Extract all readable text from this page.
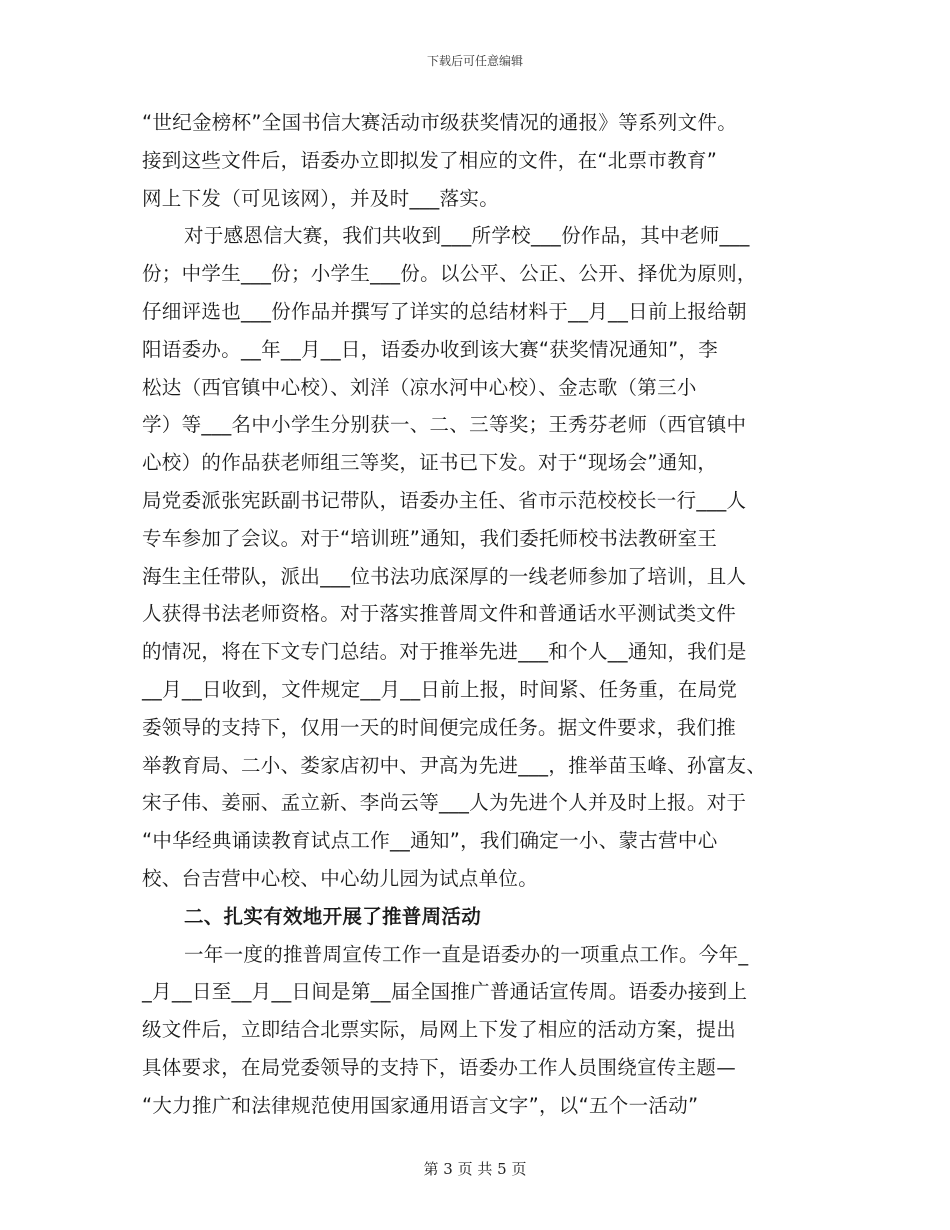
下载后可任意编辑
“世纪金榜杯”全国书信大赛活动市级获奖情况的通报》等系列文件。
接到这些文件后，语委办立即拟发了相应的文件，在“北票市教育”
网上下发（可见该网），并及时___落实。
对于感恩信大赛，我们共收到___所学校___份作品，其中老师___
份；中学生___份；小学生___份。以公平、公正、公开、择优为原则，
仔细评选也___份作品并撰写了详实的总结材料于__月__日前上报给朝
阳语委办。__年__月__日，语委办收到该大赛“获奖情况通知”，李
松达（西官镇中心校）、刘洋（凉水河中心校）、金志歌（第三小
学）等___名中小学生分别获一、二、三等奖；王秀芬老师（西官镇中
心校）的作品获老师组三等奖，证书已下发。对于“现场会”通知，
局党委派张宪跃副书记带队，语委办主任、省市示范校校长一行___人
专车参加了会议。对于“培训班”通知，我们委托师校书法教研室王
海生主任带队，派出___位书法功底深厚的一线老师参加了培训，且人
人获得书法老师资格。对于落实推普周文件和普通话水平测试类文件
的情况，将在下文专门总结。对于推举先进___和个人__通知，我们是
__月__日收到，文件规定__月__日前上报，时间紧、任务重，在局党
委领导的支持下，仅用一天的时间便完成任务。据文件要求，我们推
举教育局、二小、娄家店初中、尹高为先进___，推举苗玉峰、孙富友、
宋子伟、姜丽、孟立新、李尚云等___人为先进个人并及时上报。对于
“中华经典诵读教育试点工作__通知”，我们确定一小、蒙古营中心
校、台吉营中心校、中心幼儿园为试点单位。
二、扎实有效地开展了推普周活动
一年一度的推普周宣传工作一直是语委办的一项重点工作。今年_
_月__日至__月__日间是第__届全国推广普通话宣传周。语委办接到上
级文件后，立即结合北票实际，局网上下发了相应的活动方案，提出
具体要求，在局党委领导的支持下，语委办工作人员围绕宣传主题—
“大力推广和法律规范使用国家通用语言文字”，以“五个一活动”
第 3 页 共 5 页
